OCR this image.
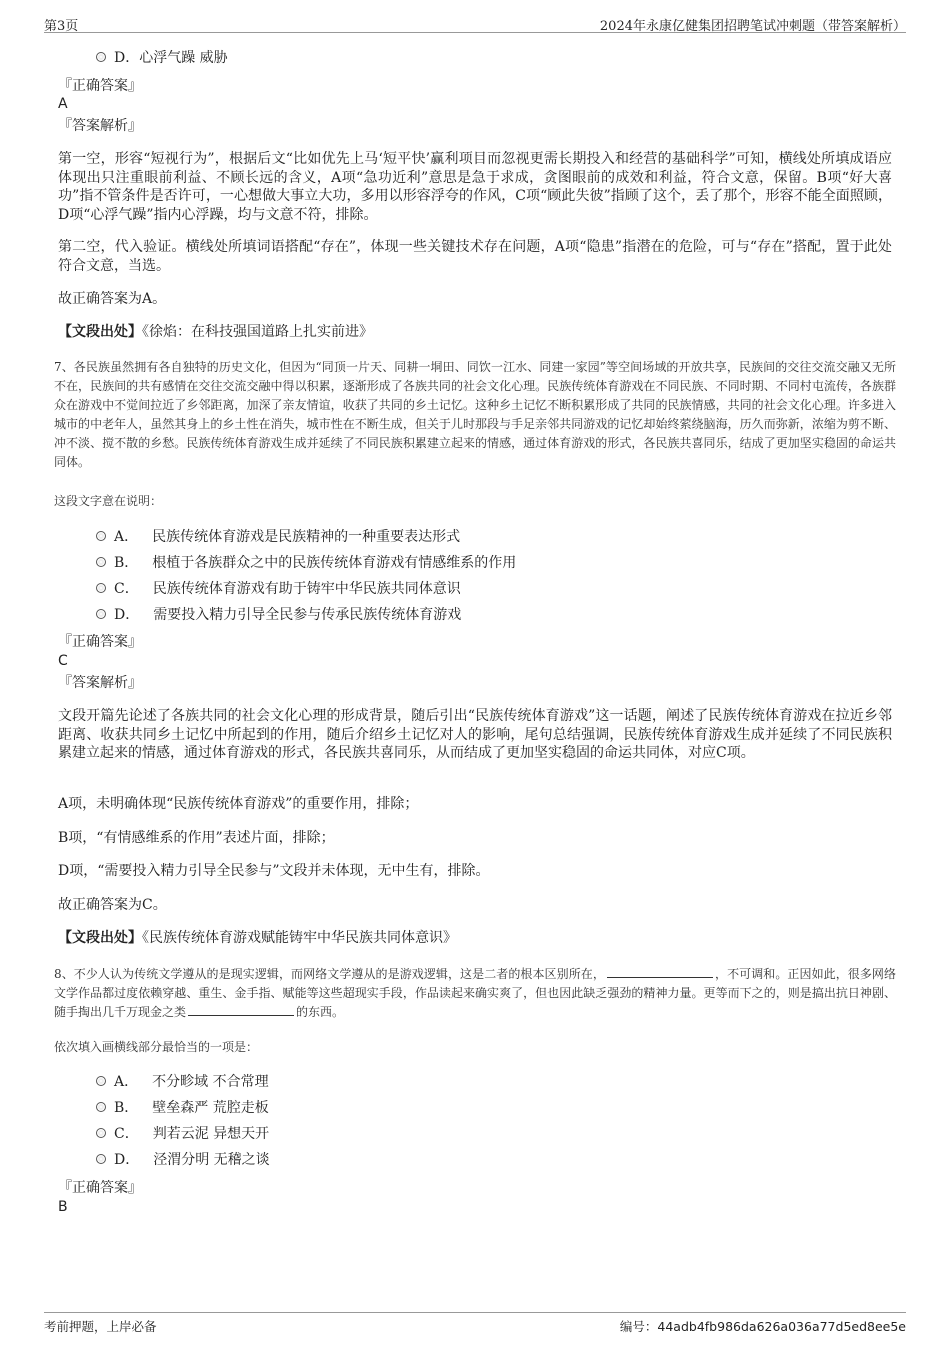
第3页	2024年永康亿健集团招聘笔试冲刺题（带答案解析）
D．心浮气躁 威胁
『正确答案』
A
『答案解析』
第一空，形容“短视行为”，根据后文“比如优先上马‘短平快’赢利项目而忽视更需长期投入和经营的基础科学”可知，横线处所填成语应体现出只注重眼前利益、不顾长远的含义，A项“急功近利”意思是急于求成，贪图眼前的成效和利益，符合文意，保留。B项“好大喜功”指不管条件是否许可，一心想做大事立大功，多用以形容浮夸的作风，C项“顾此失彼”指顾了这个，丢了那个，形容不能全面照顾，D项“心浮气躁”指内心浮躁，均与文意不符，排除。
第二空，代入验证。横线处所填词语搭配“存在”，体现一些关键技术存在问题，A项“隐患”指潜在的危险，可与“存在”搭配，置于此处符合文意，当选。
故正确答案为A。
【文段出处】《徐焰：在科技强国道路上扎实前进》
7、各民族虽然拥有各自独特的历史文化，但因为“同顶一片天、同耕一垌田、同饮一江水、同建一家园”等空间场域的开放共享，民族间的交往交流交融又无所不在，民族间的共有感情在交往交流交融中得以积累，逐渐形成了各族共同的社会文化心理。民族传统体育游戏在不同民族、不同时期、不同村屯流传，各族群众在游戏中不觉间拉近了乡邻距离，加深了亲友情谊，收获了共同的乡土记忆。这种乡土记忆不断积累形成了共同的民族情感，共同的社会文化心理。许多进入城市的中老年人，虽然其身上的乡土性在消失，城市性在不断生成，但关于儿时那段与手足亲邻共同游戏的记忆却始终萦绕脑海，历久而弥新，浓缩为剪不断、冲不淡、搅不散的乡愁。民族传统体育游戏生成并延续了不同民族积累建立起来的情感，通过体育游戏的形式，各民族共喜同乐，结成了更加坚实稳固的命运共同体。
这段文字意在说明：
A． 民族传统体育游戏是民族精神的一种重要表达形式
B． 根植于各族群众之中的民族传统体育游戏有情感维系的作用
C． 民族传统体育游戏有助于铸牢中华民族共同体意识
D． 需要投入精力引导全民参与传承民族传统体育游戏
『正确答案』
C
『答案解析』
文段开篇先论述了各族共同的社会文化心理的形成背景，随后引出“民族传统体育游戏”这一话题，阐述了民族传统体育游戏在拉近乡邻距离、收获共同乡土记忆中所起到的作用，随后介绍乡土记忆对人的影响，尾句总结强调，民族传统体育游戏生成并延续了不同民族积累建立起来的情感，通过体育游戏的形式，各民族共喜同乐，从而结成了更加坚实稳固的命运共同体，对应C项。
A项，未明确体现“民族传统体育游戏”的重要作用，排除；
B项，“有情感维系的作用”表述片面，排除；
D项，“需要投入精力引导全民参与”文段并未体现，无中生有，排除。
故正确答案为C。
【文段出处】《民族传统体育游戏赋能铸牢中华民族共同体意识》
8、不少人认为传统文学遵从的是现实逻辑，而网络文学遵从的是游戏逻辑，这是二者的根本区别所在，	，不可调和。正因如此，很多网络文学作品都过度依赖穿越、重生、金手指、赋能等这些超现实手段，作品读起来确实爽了，但也因此缺乏强劲的精神力量。更等而下之的，则是搞出抗日神剧、随手掏出几千万现金之类	的东西。
依次填入画横线部分最恰当的一项是：
A． 不分畛域 不合常理
B． 壁垒森严 荒腔走板
C． 判若云泥 异想天开
D． 泾渭分明 无稽之谈
『正确答案』
B
考前押题，上岸必备	编号：44adb4fb986da626a036a77d5ed8ee5e
